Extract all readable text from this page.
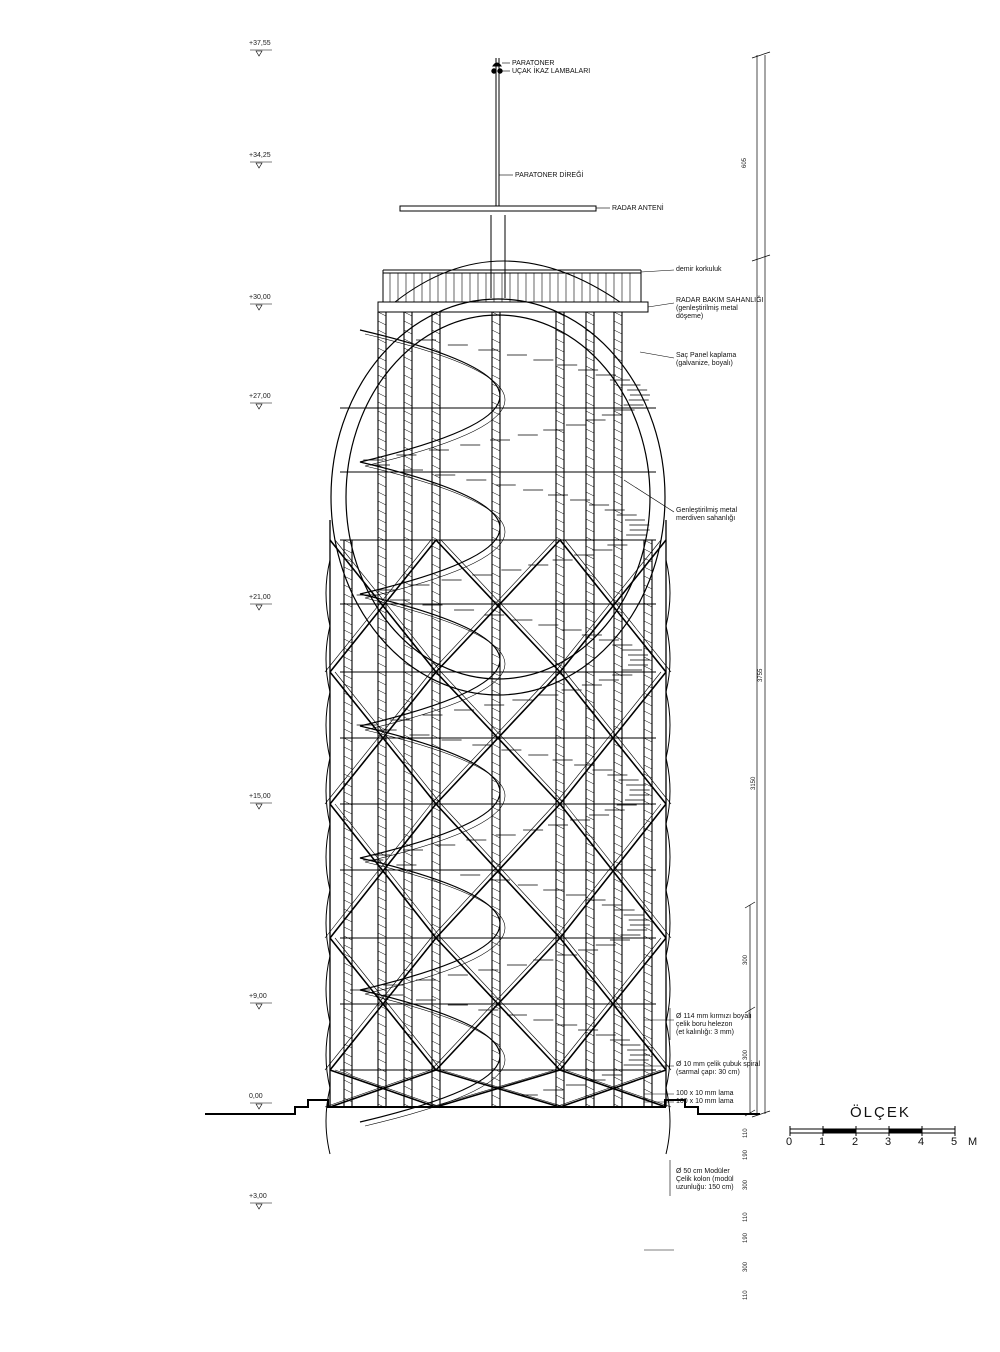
+37,55
+34,25
+30,00
+27,00
+21,00
+15,00
+9,00
+3,00
0,00
PARATONER
UÇAK İKAZ LAMBALARI
PARATONER DİREĞİ
RADAR ANTENİ
demir korkuluk
RADAR BAKIM SAHANLIĞI
(genleştirilmiş metal
döşeme)
Saç Panel kaplama
(galvanize, boyalı)
Genleştirilmiş metal
merdiven sahanlığı
Ø 114 mm kırmızı boyalı
çelik boru helezon
(et kalınlığı: 3 mm)
Ø 10 mm çelik çubuk spiral
(sarmal çapı: 30 cm)
100 x 10 mm lama
100 x 10 mm lama
Ø 50 cm Modüler
Çelik kolon (modül
uzunluğu: 150 cm)
605
3755
3150
300
300
110
190
300
110
190
300
110
ÖLÇEK
0 1 2 3 4 5 M
